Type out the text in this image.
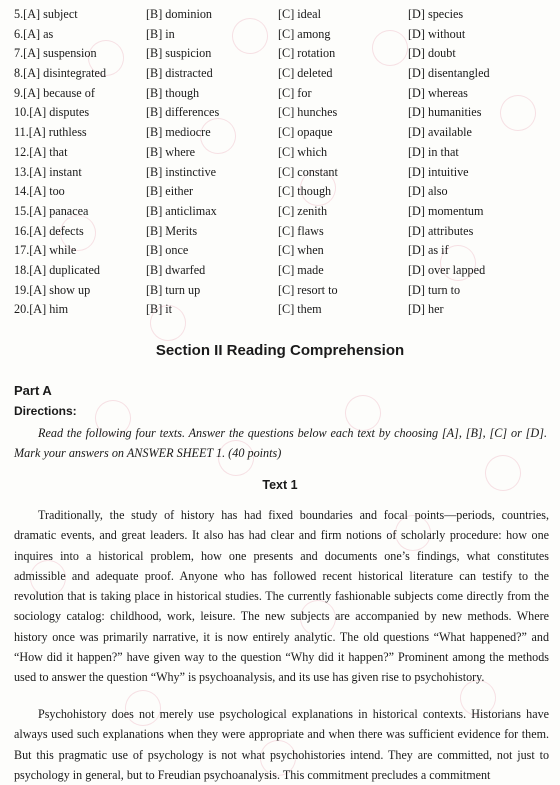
5.[A] subject	[B] dominion	[C] ideal	[D] species
6.[A] as	[B] in	[C] among	[D] without
7.[A] suspension	[B] suspicion	[C] rotation	[D] doubt
8.[A] disintegrated	[B] distracted	[C] deleted	[D] disentangled
9.[A] because of	[B] though	[C] for	[D] whereas
10.[A] disputes	[B] differences	[C] hunches	[D] humanities
11.[A] ruthless	[B] mediocre	[C] opaque	[D] available
12.[A] that	[B] where	[C] which	[D] in that
13.[A] instant	[B] instinctive	[C] constant	[D] intuitive
14.[A] too	[B] either	[C] though	[D] also
15.[A] panacea	[B] anticlimax	[C] zenith	[D] momentum
16.[A] defects	[B] Merits	[C] flaws	[D] attributes
17.[A] while	[B] once	[C] when	[D] as if
18.[A] duplicated	[B] dwarfed	[C] made	[D] over lapped
19.[A] show up	[B] turn up	[C] resort to	[D] turn to
20.[A] him	[B] it	[C] them	[D] her
Section II Reading Comprehension
Part A
Directions:
Read the following four texts. Answer the questions below each text by choosing [A], [B], [C] or [D]. Mark your answers on ANSWER SHEET 1. (40 points)
Text 1
Traditionally, the study of history has had fixed boundaries and focal points—periods, countries, dramatic events, and great leaders. It also has had clear and firm notions of scholarly procedure: how one inquires into a historical problem, how one presents and documents one’s findings, what constitutes admissible and adequate proof. Anyone who has followed recent historical literature can testify to the revolution that is taking place in historical studies. The currently fashionable subjects come directly from the sociology catalog: childhood, work, leisure. The new subjects are accompanied by new methods. Where history once was primarily narrative, it is now entirely analytic. The old questions “What happened?” and “How did it happen?” have given way to the question “Why did it happen?” Prominent among the methods used to answer the question “Why” is psychoanalysis, and its use has given rise to psychohistory.
Psychohistory does not merely use psychological explanations in historical contexts. Historians have always used such explanations when they were appropriate and when there was sufficient evidence for them. But this pragmatic use of psychology is not what psychohistories intend. They are committed, not just to psychology in general, but to Freudian psychoanalysis. This commitment precludes a commitment
